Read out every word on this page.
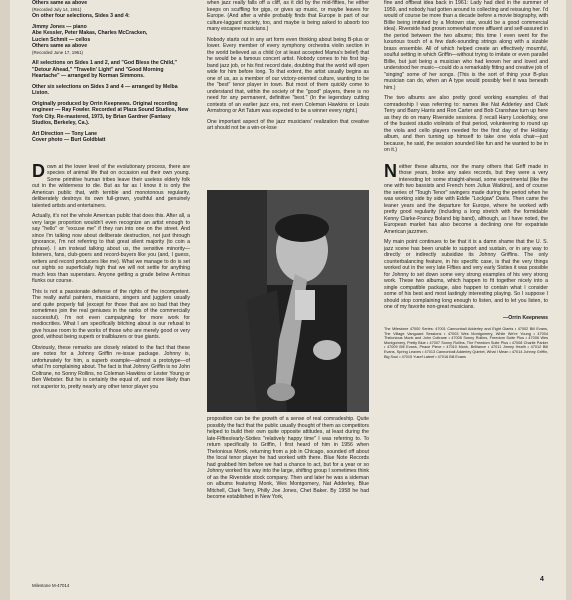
Others same as above
(Recorded July 14, 1961)
On other four selections, Sides 3 and 4:
Jimmy Jones — piano
Abe Kessler, Peter Makas, Charles McCracken,
Lucien Schmit — cellos
Others same as above
(Recorded June 17, 1961)
All selections on Sides 1 and 2, and "God Bless the Child," "Detour Ahead," "Travelin' Light" and "Good Morning Heartache" — arranged by Norman Simmons.
Other six selections on Sides 3 and 4 — arranged by Melba Liston.
Originally produced by Orrin Keepnews. Original recording engineer — Ray Fowler. Recorded at Plaza Sound Studios, New York City. Re-mastered, 1973, by Brian Gardner (Fantasy Studios, Berkeley, Ca.).
Art Direction — Tony Lane
Cover photo — Burt Goldblatt

Down at the lower level of the evolutionary process, there are species of animal life that on occasion eat their own young. Some primitive human tribes leave their useless elderly folk out in the wilderness to die. But as far as I know it is only the American public that, with terrible and monotonous regularity, deliberately destroys its own full-grown, youthful and genuinely talented artists and entertainers.

Actually, it's not the whole American public that does this. After all, a very large proportion wouldn't even recognize an artist enough to say "hello" or "excuse me" if they ran into one on the street. And since I'm talking now about deliberate destruction, not just through ignorance, I'm not referring to that great silent majority (to coin a phrase). I am instead talking about us, the sensitive minority—listeners, fans, club-goers and record-buyers like you (and, I guess, writers and record producers like me). What we manage to do is set our sights so superficially high that we will not settle for anything much less than superstars. Anyone getting a grade below A-minus flunks our course.

This is not a passionate defense of the rights of the incompetent. The really awful painters, musicians, singers and jugglers usually and quite properly fail (except for those that are so bad that they sometimes join the real geniuses in the ranks of the commercially successful). I'm not even campaigning for more work for mediocrities. What I am specifically bitching about is our refusal to give house room to the works of those who are merely good or very good, without being superb or trailblazers or true giants.

Obviously, these remarks are closely related to the fact that these are notes for a Johnny Griffin re-issue package. Johnny is, unfortunately for him, a superb example—almost a prototype—of what I'm complaining about. The fact is that Johnny Griffin is no John Coltrane, no Sonny Rollins, no Coleman Hawkins or Lester Young or Ben Webster. But he is certainly the equal of, and more likely than not superior to, pretty nearly any other tenor player you

when jazz really falls off a cliff, as it did by the mid-fifties, he either keeps on scuffling for gigs, or gives up music, or maybe leaves for Europe. (And after a while probably finds that Europe is part of our culture-laggard society, too, and maybe is being asked to absorb too many escapee musicians.)

Nobody starts out in any art form even thinking about being B-plus or lower. Every member of every symphony orchestra violin section in the world believed as a child (or at least accepted Mama's belief) that he would be a famous concert artist. Nobody comes to his first big-band jazz job, or his first record date, doubting that the world will open wide for him before long. To that extent, the artist usually begins as one of us, as a member of our victory-oriented culture, wanting to be the "best" tenor player in town. But most of them quickly come to understand that, within the society of the "good" players, there is no need for any permanent, definitive "best." (In the legendary cutting contests of an earlier jazz era, not even Coleman Hawkins or Louis Armstrong or Art Tatum was expected to be a winner every night.)

One important aspect of the jazz musicians' realization that creative art should not be a win-or-lose

proposition can be the growth of a sense of real comradeship. Quite possibly the fact that the public usually thought of them as competitors helped to build their own quite opposite attitudes, at least during the late-Fifties/early-Sixties "relatively happy time" I was referring to. To return specifically to Griffin, I first heard of him in 1956 when Thelonious Monk, returning from a job in Chicago, sounded off about the local tenor player he had worked with there. Blue Note Records had grabbed him before we had a chance to act, but for a year or so Johnny worked his way into the large, shifting group I sometimes think of as the Riverside stock company. Then and later he was a sideman on albums featuring Monk, Wes Montgomery, Nat Adderley, Blue Mitchell, Clark Terry, Philly Joe Jones, Chet Baker. By 1958 he had become established in New York,

fine and offbeat idea back in 1961: Lady had died in the summer of 1959, and nobody had gotten around to collecting and reissuing her. I'd would of course be more than a decade before a movie biography, with Billie being imitated by a Motown star, would be a good commercial idea). Riverside had grown somewhat more affluent and self-assured in the period between the two albums; this time I even went for the luxurious touch of a few dark-sounding strings along with a sizable brass ensemble. All of which helped create an effectively mournful, soulful setting in which Griffin—without trying to imitate or even parallel Billie, but just being a musician who had known her and loved and understood her music—could do a remarkably fitting and creative job of "singing" some of her songs. (This is the sort of thing your B-plus musician can do, when an A type would possibly feel it was beneath him.)

The two albums are also pretty good working examples of that comradeship I was referring to: names like Nat Adderley and Clark Terry and Barry Harris and Ron Carter and Bob Cranshaw turn up here as they do on many Riverside sessions. (I recall Harry Lookofsky, one of the busiest studio violinists of that period, volunteering to round up the viola and cello players needed for the first day of the Holiday album, and then turning up himself to take one viola chair—just because, he said, the session sounded like fun and he wanted to be in on it.)

Neither these albums, nor the many others that Griff made in those years, broke any sales records, but they were a very interesting lot: some straight-ahead, some experimental (like the one with two bassists and French horn Julius Watkins), and of course the series of "Tough Tenor" swingers made during the period when he was working side by side with Eddie "Lockjaw" Davis. Then came the leaner years and the departure for Europe, where he worked with pretty good regularity (including a long stretch with the formidable Kenny Clarke-Francy Boland big band), although, as I have noted, the European market has also become a declining one for expatriate American jazzmen.

My main point continues to be that it is a damn shame that the U. S. jazz scene has been unable to support and sustain, or in any way to directly or indirectly subsidize its Johnny Griffins. The only counterbalancing feature, in his specific case, is that the very things worked out in the very late Fifties and very early Sixties it was possible for Johnny to set down some very strong examples of his very strong work. These two albums, which happen to fit together nicely into a single compatible package, also happen to contain what I consider some of his best and most lastingly interesting playing. So I suppose I should stop complaining long enough to listen, and to let you listen, to one of my favorite non-great musicians.

—Orrin Keepnews
The Milestone 47000 Series: 47001 Cannonball Adderley and Eight Giants • 47002 Bill Evans, The Village Vanguard Sessions • 47003 Wes Montgomery, While We're Young • 47004 Thelonious Monk and John Coltrane • 47005 Sonny Rollins, Freedom Suite Plus • 47006 Wes Montgomery, Pretty Blue • 47007 Sonny Rollins, The Freedom Suite Plus • 47008 Charlie Parker • 47009 Bill Evans, Peace Piece • 47010 Monk, Brilliance • 47011 Jimmy Heath • 47012 Bill Evans, Spring Leaves • 47013 Cannonball Adderley Quintet, What I Mean • 47014 Johnny Griffin, Big Soul • 47015 Yusef Lateef • 47016 Bill Evans
Milestone M-47014
4
